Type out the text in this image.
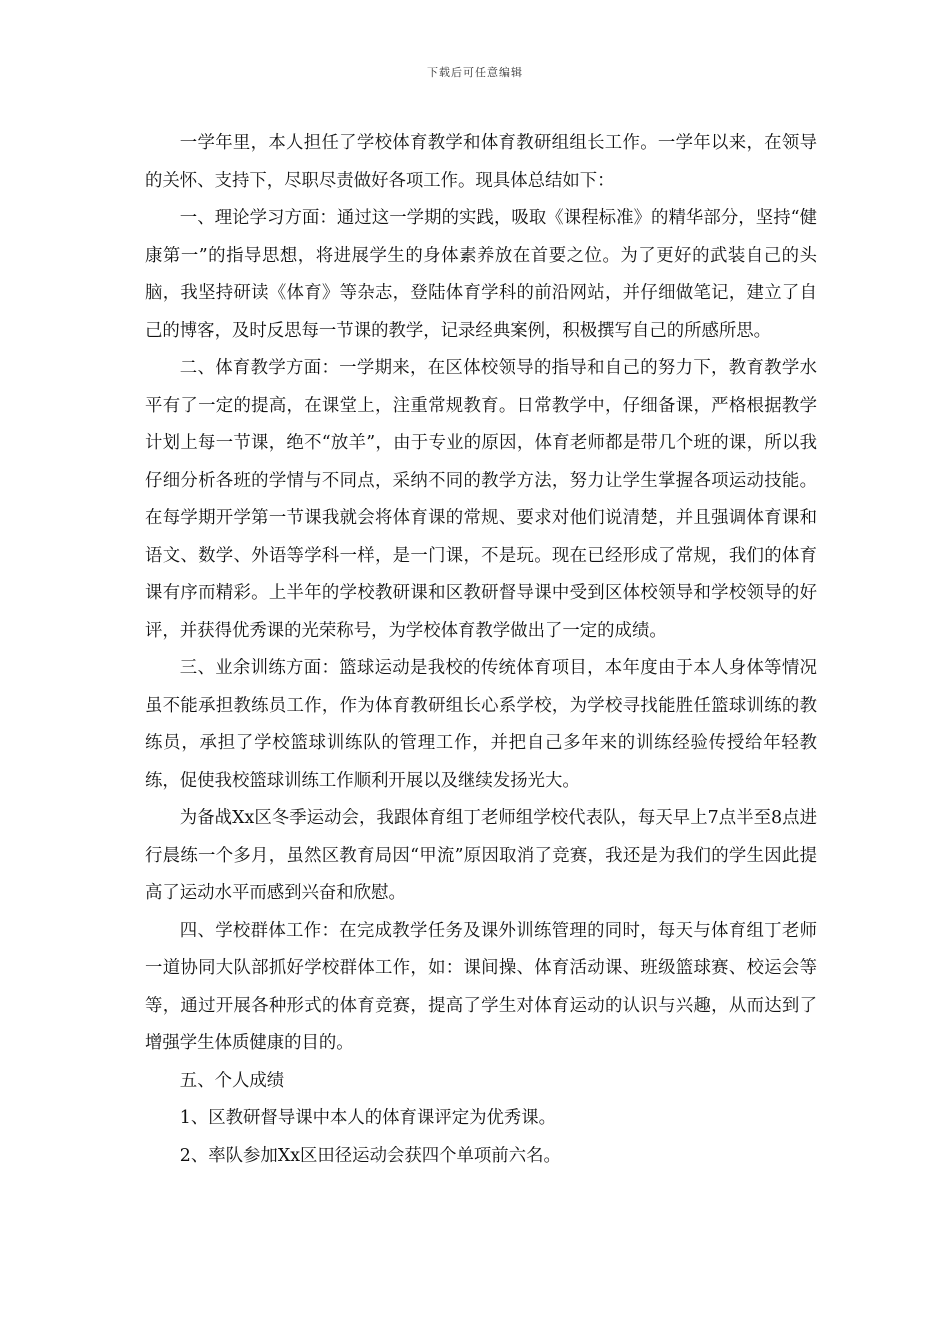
下载后可任意编辑

一学年里，本人担任了学校体育教学和体育教研组组长工作。一学年以来，在领导的关怀、支持下，尽职尽责做好各项工作。现具体总结如下：

一、理论学习方面：通过这一学期的实践，吸取《课程标准》的精华部分，坚持“健康第一”的指导思想，将进展学生的身体素养放在首要之位。为了更好的武装自己的头脑，我坚持研读《体育》等杂志，登陆体育学科的前沿网站，并仔细做笔记，建立了自己的博客，及时反思每一节课的教学，记录经典案例，积极撰写自己的所感所思。

二、体育教学方面：一学期来，在区体校领导的指导和自己的努力下，教育教学水平有了一定的提高，在课堂上，注重常规教育。日常教学中，仔细备课，严格根据教学计划上每一节课，绝不“放羊”，由于专业的原因，体育老师都是带几个班的课，所以我仔细分析各班的学情与不同点，采纳不同的教学方法，努力让学生掌握各项运动技能。在每学期开学第一节课我就会将体育课的常规、要求对他们说清楚，并且强调体育课和语文、数学、外语等学科一样，是一门课，不是玩。现在已经形成了常规，我们的体育课有序而精彩。上半年的学校教研课和区教研督导课中受到区体校领导和学校领导的好评，并获得优秀课的光荣称号，为学校体育教学做出了一定的成绩。

三、业余训练方面：篮球运动是我校的传统体育项目，本年度由于本人身体等情况虽不能承担教练员工作，作为体育教研组长心系学校，为学校寻找能胜任篮球训练的教练员，承担了学校篮球训练队的管理工作，并把自己多年来的训练经验传授给年轻教练，促使我校篮球训练工作顺利开展以及继续发扬光大。

为备战Xx区冬季运动会，我跟体育组丁老师组学校代表队，每天早上7点半至8点进行晨练一个多月，虽然区教育局因“甲流”原因取消了竞赛，我还是为我们的学生因此提高了运动水平而感到兴奋和欣慰。

四、学校群体工作：在完成教学任务及课外训练管理的同时，每天与体育组丁老师一道协同大队部抓好学校群体工作，如：课间操、体育活动课、班级篮球赛、校运会等等，通过开展各种形式的体育竞赛，提高了学生对体育运动的认识与兴趣，从而达到了增强学生体质健康的目的。

五、个人成绩

1、区教研督导课中本人的体育课评定为优秀课。

2、率队参加Xx区田径运动会获四个单项前六名。
